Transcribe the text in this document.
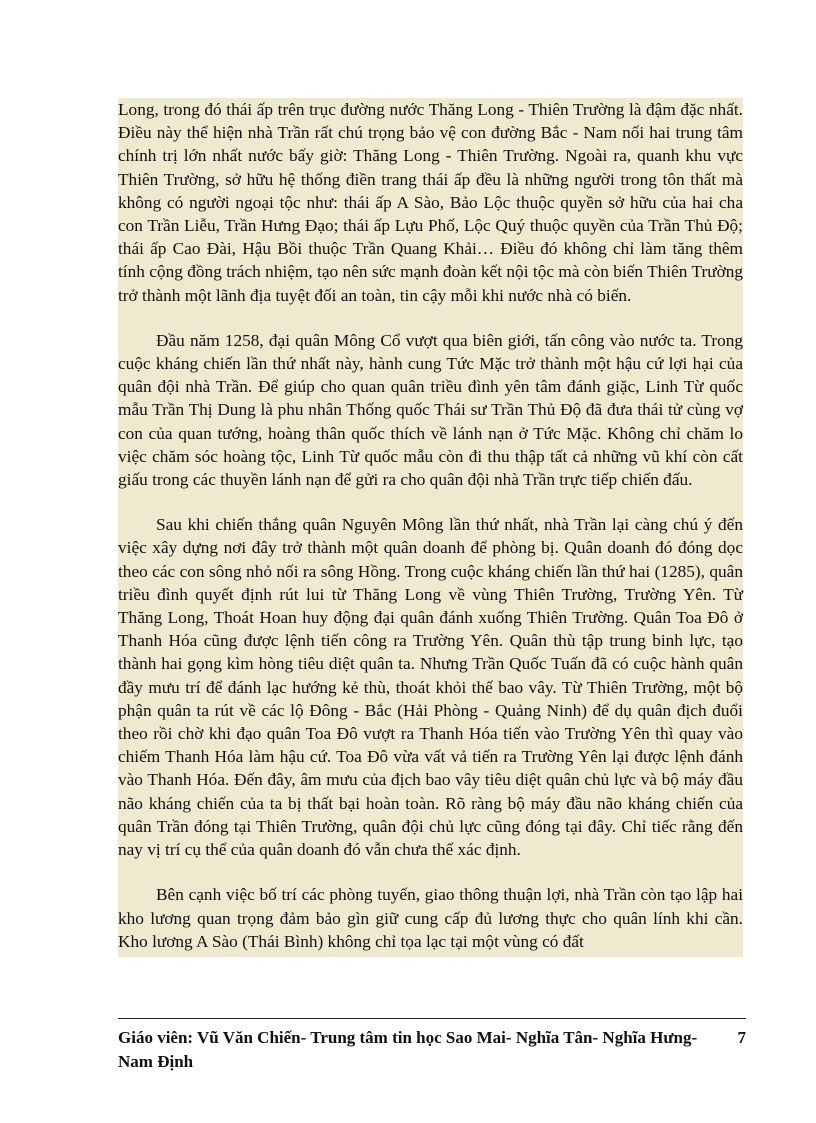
Long, trong đó thái ấp trên trục đường nước Thăng Long - Thiên Trường là đậm đặc nhất. Điều này thể hiện nhà Trần rất chú trọng bảo vệ con đường Bắc - Nam nối hai trung tâm chính trị lớn nhất nước bấy giờ: Thăng Long - Thiên Trường. Ngoài ra, quanh khu vực Thiên Trường, sở hữu hệ thống điền trang thái ấp đều là những người trong tôn thất mà không có người ngoại tộc như: thái ấp A Sào, Bảo Lộc thuộc quyền sở hữu của hai cha con Trần Liễu, Trần Hưng Đạo; thái ấp Lựu Phố, Lộc Quý thuộc quyền của Trần Thủ Độ; thái ấp Cao Đài, Hậu Bồi thuộc Trần Quang Khải… Điều đó không chỉ làm tăng thêm tính cộng đồng trách nhiệm, tạo nên sức mạnh đoàn kết nội tộc mà còn biến Thiên Trường trở thành một lãnh địa tuyệt đối an toàn, tin cậy mỗi khi nước nhà có biến.

Đầu năm 1258, đại quân Mông Cổ vượt qua biên giới, tấn công vào nước ta. Trong cuộc kháng chiến lần thứ nhất này, hành cung Tức Mặc trở thành một hậu cứ lợi hại của quân đội nhà Trần. Để giúp cho quan quân triều đình yên tâm đánh giặc, Linh Từ quốc mẫu Trần Thị Dung là phu nhân Thống quốc Thái sư Trần Thủ Độ đã đưa thái tử cùng vợ con của quan tướng, hoàng thân quốc thích về lánh nạn ở Tức Mặc. Không chỉ chăm lo việc chăm sóc hoàng tộc, Linh Từ quốc mẫu còn đi thu thập tất cả những vũ khí còn cất giấu trong các thuyền lánh nạn để gửi ra cho quân đội nhà Trần trực tiếp chiến đấu.

Sau khi chiến thắng quân Nguyên Mông lần thứ nhất, nhà Trần lại càng chú ý đến việc xây dựng nơi đây trở thành một quân doanh để phòng bị. Quân doanh đó đóng dọc theo các con sông nhỏ nối ra sông Hồng. Trong cuộc kháng chiến lần thứ hai (1285), quân triều đình quyết định rút lui từ Thăng Long về vùng Thiên Trường, Trường Yên. Từ Thăng Long, Thoát Hoan huy động đại quân đánh xuống Thiên Trường. Quân Toa Đô ở Thanh Hóa cũng được lệnh tiến công ra Trường Yên. Quân thù tập trung binh lực, tạo thành hai gọng kìm hòng tiêu diệt quân ta. Nhưng Trần Quốc Tuấn đã có cuộc hành quân đầy mưu trí để đánh lạc hướng kẻ thù, thoát khỏi thế bao vây. Từ Thiên Trường, một bộ phận quân ta rút về các lộ Đông - Bắc (Hải Phòng - Quảng Ninh) để dụ quân địch đuổi theo rồi chờ khi đạo quân Toa Đô vượt ra Thanh Hóa tiến vào Trường Yên thì quay vào chiếm Thanh Hóa làm hậu cứ. Toa Đô vừa vất vả tiến ra Trường Yên lại được lệnh đánh vào Thanh Hóa. Đến đây, âm mưu của địch bao vây tiêu diệt quân chủ lực và bộ máy đầu não kháng chiến của ta bị thất bại hoàn toàn. Rõ ràng bộ máy đầu não kháng chiến của quân Trần đóng tại Thiên Trường, quân đội chủ lực cũng đóng tại đây. Chỉ tiếc rằng đến nay vị trí cụ thể của quân doanh đó vẫn chưa thể xác định.

Bên cạnh việc bố trí các phòng tuyến, giao thông thuận lợi, nhà Trần còn tạo lập hai kho lương quan trọng đảm bảo gìn giữ cung cấp đủ lương thực cho quân lính khi cần. Kho lương A Sào (Thái Bình) không chỉ tọa lạc tại một vùng có đất

Giáo viên: Vũ Văn Chiến- Trung tâm tin học Sao Mai- Nghĩa Tân- Nghĩa Hưng- Nam Định
7
